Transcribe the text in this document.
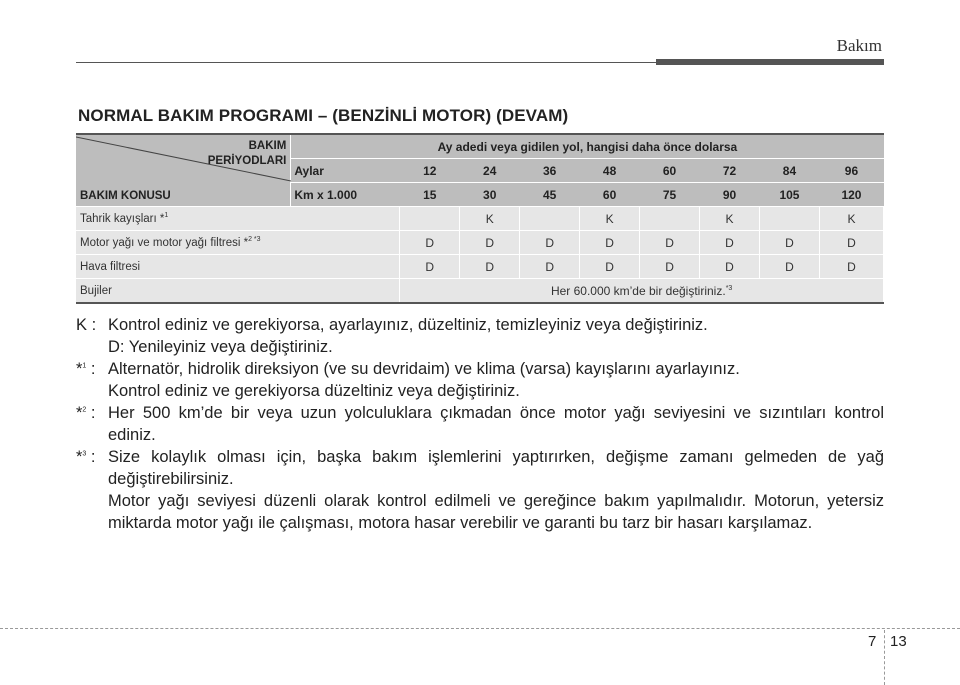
Bakım
NORMAL BAKIM PROGRAMI – (BENZİNLİ MOTOR) (DEVAM)
BAKIM
PERİYODLARI
BAKIM KONUSU	Ay adedi veya gidilen yol, hangisi daha önce dolarsa								
	Aylar	12	24	36	48	60	72	84	96
	Km x 1.000	15	30	45	60	75	90	105	120
Tahrik kayışları *$^1$			K		K		K		K
Motor yağı ve motor yağı filtresi *$^{2 *3}$		D	D	D	D	D	D	D	D
Hava filtresi		D	D	D	D	D	D	D	D
Bujiler		Her 60.000 km’de bir değiştiriniz.$^{*3}$
K : Kontrol ediniz ve gerekiyorsa, ayarlayınız, düzeltiniz, temizleyiniz veya değiştiriniz.

D: Yenileyiniz veya değiştiriniz.

*$^1$ : Alternatör, hidrolik direksiyon (ve su devridaim) ve klima (varsa) kayışlarını ayarlayınız.

Kontrol ediniz ve gerekiyorsa düzeltiniz veya değiştiriniz.

*$^2$ : Her 500 km’de bir veya uzun yolculuklara çıkmadan önce motor yağı seviyesini ve sızıntıları kontrol ediniz.

*$^3$ : Size kolaylık olması için, başka bakım işlemlerini yaptırırken, değişme zamanı gelmeden de yağ değiştirebilirsiniz.

Motor yağı seviyesi düzenli olarak kontrol edilmeli ve gereğince bakım yapılmalıdır. Motorun, yetersiz miktarda motor yağı ile çalışması, motora hasar verebilir ve garanti bu tarz bir hasarı karşılamaz.

7 13
